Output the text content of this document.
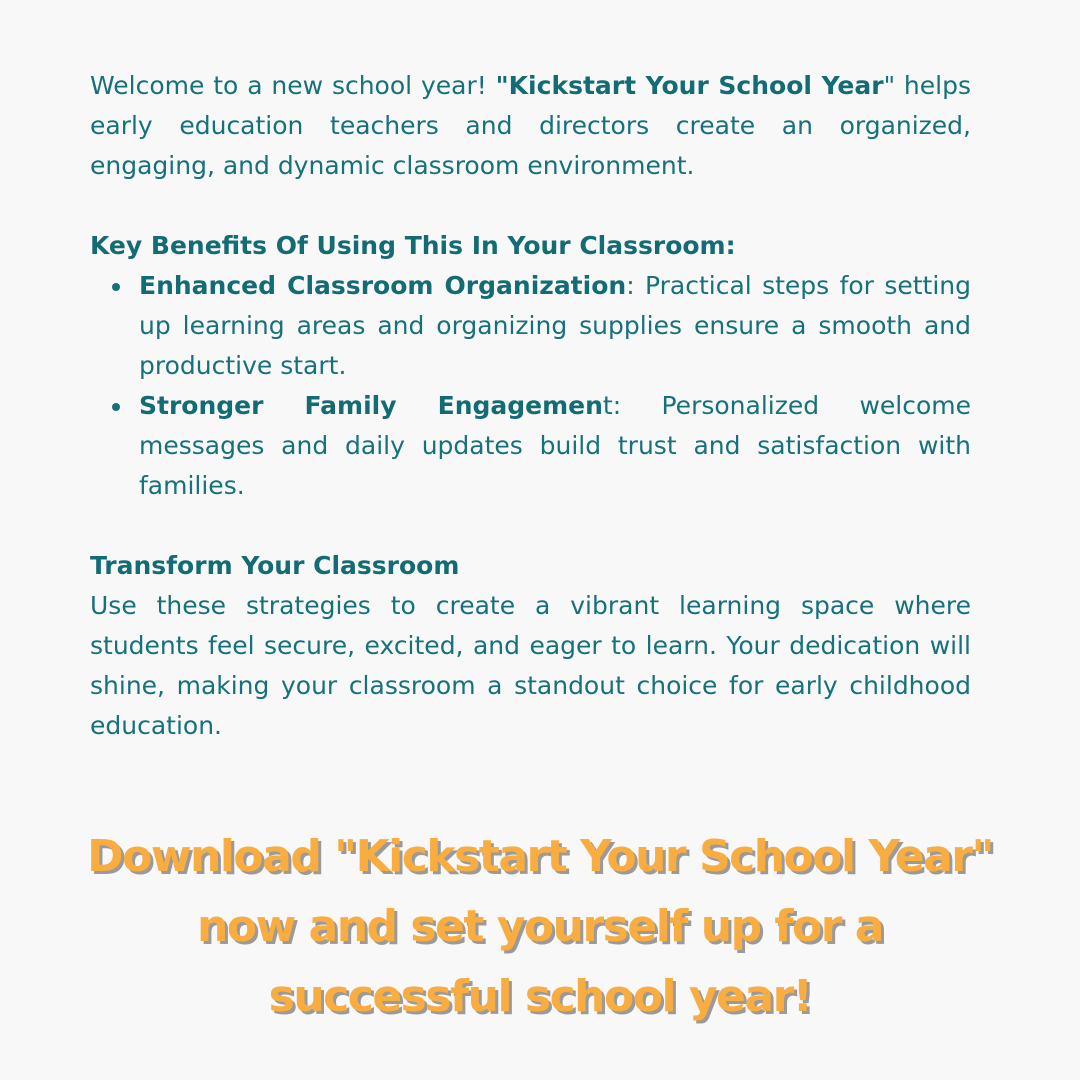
Welcome to a new school year! "Kickstart Your School Year" helps early education teachers and directors create an organized, engaging, and dynamic classroom environment.

Key Benefits Of Using This In Your Classroom:
Enhanced Classroom Organization: Practical steps for setting up learning areas and organizing supplies ensure a smooth and productive start.
Stronger Family Engagement: Personalized welcome messages and daily updates build trust and satisfaction with families.
Transform Your Classroom

Use these strategies to create a vibrant learning space where students feel secure, excited, and eager to learn. Your dedication will shine, making your classroom a standout choice for early childhood education.

Download "Kickstart Your School Year"
now and set yourself up for a
successful school year!
